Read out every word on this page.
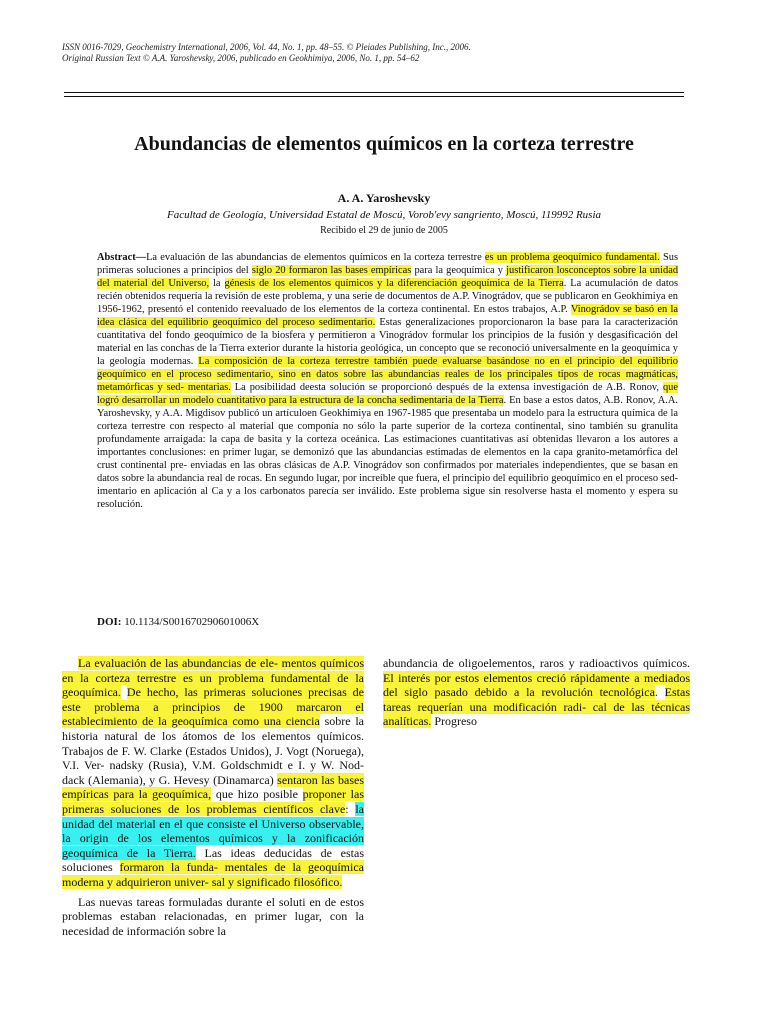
ISSN 0016-7029, Geochemistry International, 2006, Vol. 44, No. 1, pp. 48–55. © Pleiades Publishing, Inc., 2006.
Original Russian Text © A.A. Yaroshevsky, 2006, publicado en Geokhimiya, 2006, No. 1, pp. 54–62
Abundancias de elementos químicos en la corteza terrestre
A. A. Yaroshevsky
Facultad de Geología, Universidad Estatal de Moscú, Vorob'evy sangriento, Moscú, 119992 Rusia
Recibido el 29 de junio de 2005
Abstract—La evaluación de las abundancias de elementos químicos en la corteza terrestre es un problema geoquímico fundamental. Sus primeras soluciones a principios del siglo 20 formaron las bases empíricas para la geoquímica y justificaron losconceptos sobre la unidad del material del Universo, la génesis de los elementos químicos y la diferenciación geoquímica de la Tierra. La acumulación de datos recién obtenidos requería la revisión de este problema, y una serie de documentos de A.P. Vinográdov, que se publicaron en Geokhimiya en 1956-1962, presentó el contenido reevaluado de los elementos de la corteza continental. En estos trabajos, A.P. Vinográdov se basó en la idea clásica del equilibrio geoquímico del proceso sedimentario. Estas generalizaciones proporcionaron la base para la caracterización cuantitativa del fondo geoquímico de la biosfera y permitieron a Vinográdov formular los principios de la fusión y desgasificación del material en las conchas de la Tierra exterior durante la historia geológica, un concepto que se reconoció universalmente en la geoquímica y la geología modernas. La composición de la corteza terrestre también puede evaluarse basándose no en el principio del equilibrio geoquímico en el proceso sedimentario, sino en datos sobre las abundancias reales de los principales tipos de rocas magmáticas, metamórficas y sed- mentarias. La posibilidad deesta solución se proporcionó después de la extensa investigación de A.B. Ronov, que logró desarrollar un modelo cuantitativo para la estructura de la concha sedimentaria de la Tierra. En base a estos datos, A.B. Ronov, A.A. Yaroshevsky, y A.A. Migdisov publicó un artículoen Geokhimiya en 1967-1985 que presentaba un modelo para la estructura química de la corteza terrestre con respecto al material que componía no sólo la parte superior de la corteza continental, sino también su granulita profundamente arraigada: la capa de basita y la corteza oceánica. Las estimaciones cuantitativas así obtenidas llevaron a los autores a importantes conclusiones: en primer lugar, se demonizó que las abundancias estimadas de elementos en la capa granito-metamórfica del crust continental pre- enviadas en las obras clásicas de A.P. Vinográdov son confirmados por materiales independientes, que se basan en datos sobre la abundancia real de rocas. En segundo lugar, por increíble que fuera, el principio del equilibrio geoquímico en el proceso sed- imentario en aplicación al Ca y a los carbonatos parecía ser inválido. Este problema sigue sin resolverse hasta el momento y espera su resolución.
DOI: 10.1134/S001670290601006X

La evaluación de las abundancias de ele- mentos químicos en la corteza terrestre es un problema fundamental de la geoquímica. De hecho, las primeras soluciones precisas de este problema a principios de 1900 marcaron el establecimiento de la geoquímica como una ciencia sobre la historia natural de los átomos de los elementos químicos. Trabajos de F. W. Clarke (Estados Unidos), J. Vogt (Noruega), V.I. Ver- nadsky (Rusia), V.M. Goldschmidt e I. y W. Nod- dack (Alemania), y G. Hevesy (Dinamarca) sentaron las bases empíricas para la geoquímica, que hizo posible proponer las primeras soluciones de los problemas científicos clave: la unidad del material en el que consiste el Universo observable, la origin de los elementos químicos y la zonificación geoquímica de la Tierra. Las ideas deducidas de estas soluciones formaron la funda- mentales de la geoquímica moderna y adquirieron univer- sal y significado filosófico.

Las nuevas tareas formuladas durante el soluti en de estos problemas estaban relacionadas, en primer lugar, con la necesidad de información sobre la

abundancia de oligoelementos, raros y radioactivos químicos. El interés por estos elementos creció rápidamente a mediados del siglo pasado debido a la revolución tecnológica. Estas tareas requerían una modificación radi- cal de las técnicas analíticas. Progreso
